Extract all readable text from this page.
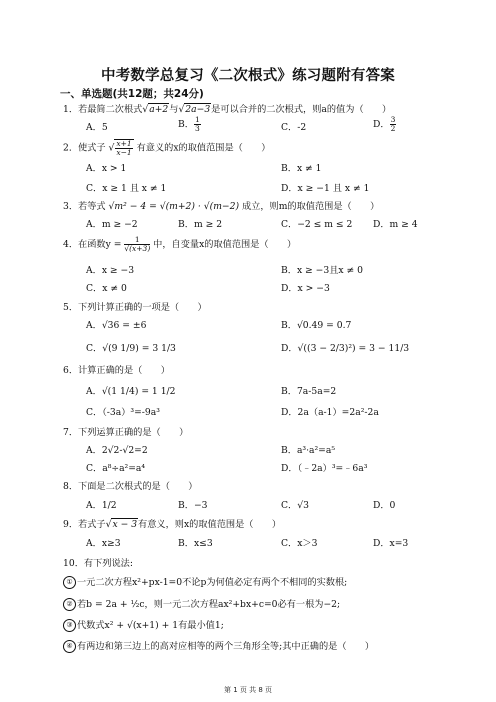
中考数学总复习《二次根式》练习题附有答案
一、单选题(共12题；共24分)
1．若最简二次根式√a+2与√2a−3是可以合并的二次根式，则a的值为（　　）
A．5	B． $\frac{1}{3}$	C．-2	D． $\frac{3}{2}$
2．使式子 √ $\frac{x+1}{x-1}$ 有意义的x的取值范围是（　　）
A．x > 1	B．x ≠ 1
C．x ≥ 1 且 x ≠ 1	D．x ≥ −1 且 x ≠ 1
3．若等式 √m² − 4 = √(m+2) · √(m−2) 成立，则m的取值范围是（　　）
A．m ≥ −2	B．m ≥ 2	C．−2 ≤ m ≤ 2 D．m ≥ 4
4．在函数$y = \frac{1}{√(x+3)}$ 中，自变量x的取值范围是（　　）
A．x ≥ −3	B．x ≥ −3且x ≠ 0
C．x ≠ 0	D．x > −3
5．下列计算正确的一项是（　　）
A．√36 = ±6	B．√0.49 = 0.7
C．√(9 1/9) = 3 1/3	D．√((3 − 2/3)²) = 3 − 11/3
6．计算正确的是（　　）
A．√(1 1/4) = 1 1/2	B．7a-5a=2
C．（-3a）³=-9a³	D．2a（a-1）=2a²-2a
7．下列运算正确的是（　　）
A．2√2-√2=2	B．a³·a²=a⁵
C．a⁸÷a²=a⁴	D．（﹣2a）³=﹣6a³
8．下面是二次根式的是（　　）
A．1/2	B．−3	C．√3	D．0
9．若式子√x − 3有意义，则x的取值范围是（　　）
A．x≥3	B．x≤3	C．x＞3	D．x=3
10．有下列说法:
① 一元二次方程x²+px-1=0不论p为何值必定有两个不相同的实数根;
② 若b = 2a + ½c，则一元二次方程ax²+bx+c=0必有一根为−2;
③ 代数式x² + √(x+1) + 1有最小值1;
④ 有两边和第三边上的高对应相等的两个三角形全等;其中正确的是（　　）
第 1 页 共 8 页
